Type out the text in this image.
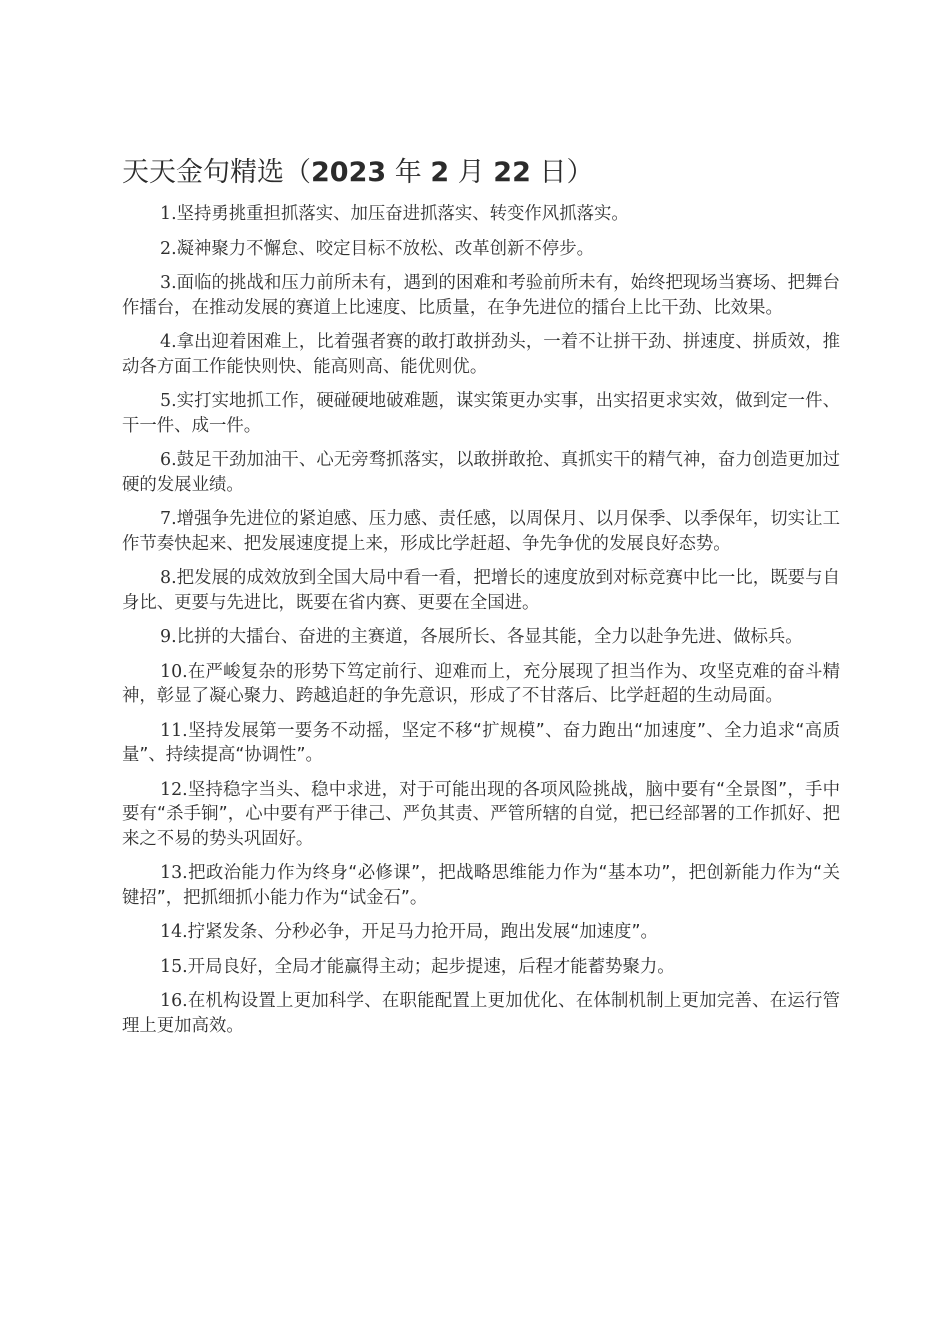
天天金句精选（2023 年 2 月 22 日）

1.坚持勇挑重担抓落实、加压奋进抓落实、转变作风抓落实。

2.凝神聚力不懈怠、咬定目标不放松、改革创新不停步。

3.面临的挑战和压力前所未有，遇到的困难和考验前所未有，始终把现场当赛场、把舞台作擂台，在推动发展的赛道上比速度、比质量，在争先进位的擂台上比干劲、比效果。

4.拿出迎着困难上，比着强者赛的敢打敢拼劲头，一着不让拼干劲、拼速度、拼质效，推动各方面工作能快则快、能高则高、能优则优。

5.实打实地抓工作，硬碰硬地破难题，谋实策更办实事，出实招更求实效，做到定一件、干一件、成一件。

6.鼓足干劲加油干、心无旁骛抓落实，以敢拼敢抢、真抓实干的精气神，奋力创造更加过硬的发展业绩。

7.增强争先进位的紧迫感、压力感、责任感，以周保月、以月保季、以季保年，切实让工作节奏快起来、把发展速度提上来，形成比学赶超、争先争优的发展良好态势。

8.把发展的成效放到全国大局中看一看，把增长的速度放到对标竞赛中比一比，既要与自身比、更要与先进比，既要在省内赛、更要在全国进。

9.比拼的大擂台、奋进的主赛道，各展所长、各显其能，全力以赴争先进、做标兵。

10.在严峻复杂的形势下笃定前行、迎难而上，充分展现了担当作为、攻坚克难的奋斗精神，彰显了凝心聚力、跨越追赶的争先意识，形成了不甘落后、比学赶超的生动局面。

11.坚持发展第一要务不动摇，坚定不移“扩规模”、奋力跑出“加速度”、全力追求“高质量”、持续提高“协调性”。

12.坚持稳字当头、稳中求进，对于可能出现的各项风险挑战，脑中要有“全景图”，手中要有“杀手锏”，心中要有严于律己、严负其责、严管所辖的自觉，把已经部署的工作抓好、把来之不易的势头巩固好。

13.把政治能力作为终身“必修课”，把战略思维能力作为“基本功”，把创新能力作为“关键招”，把抓细抓小能力作为“试金石”。

14.拧紧发条、分秒必争，开足马力抢开局，跑出发展“加速度”。

15.开局良好，全局才能赢得主动；起步提速，后程才能蓄势聚力。

16.在机构设置上更加科学、在职能配置上更加优化、在体制机制上更加完善、在运行管理上更加高效。
